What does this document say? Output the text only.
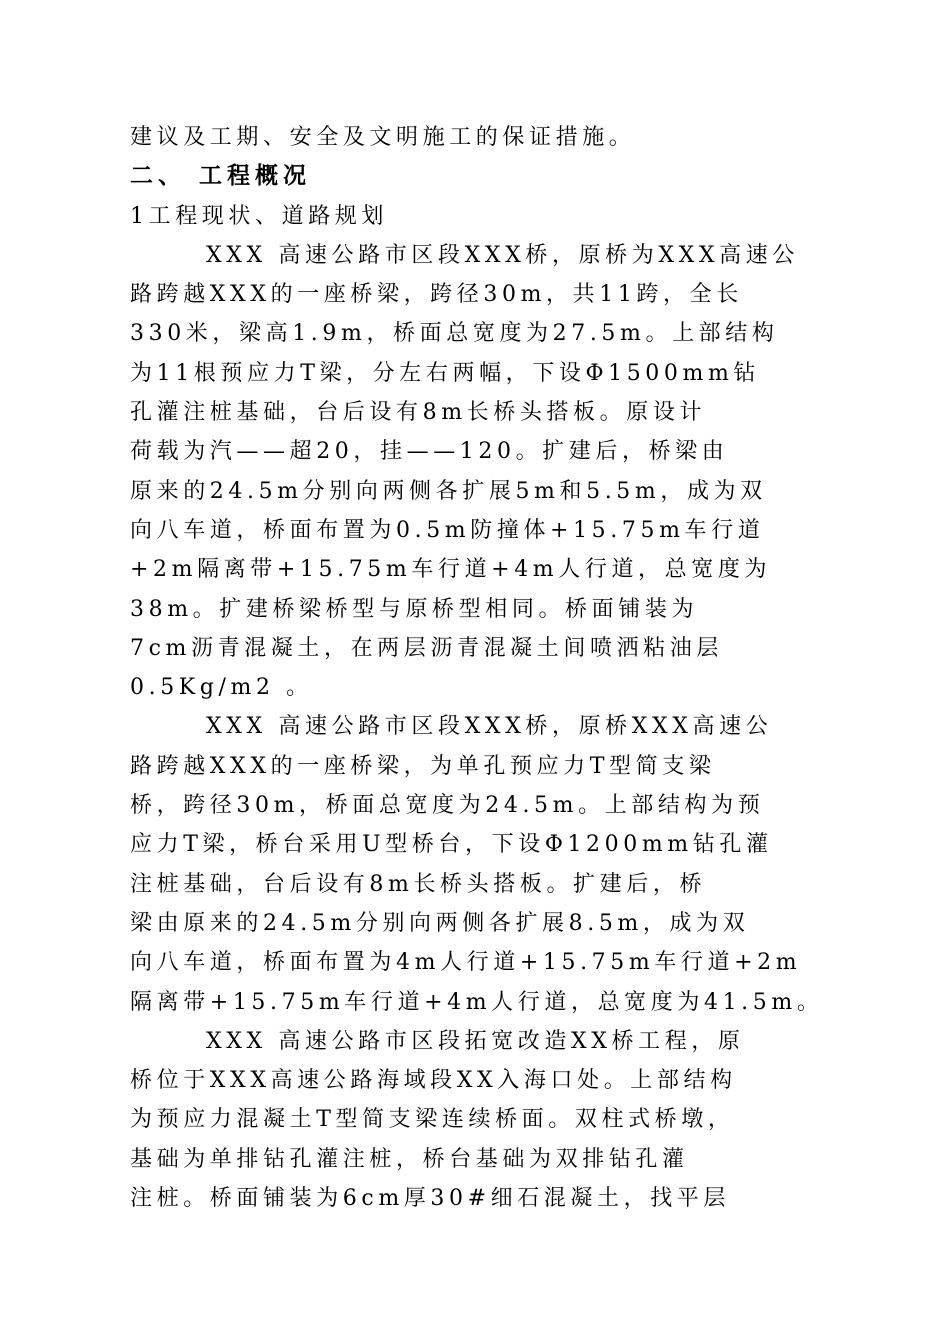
建议及工期、安全及文明施工的保证措施。
二、 工程概况
1工程现状、道路规划
XXX 高速公路市区段XXX桥，原桥为XXX高速公
路跨越XXX的一座桥梁，跨径30m，共11跨，全长
330米，梁高1.9m，桥面总宽度为27.5m。上部结构
为11根预应力T梁，分左右两幅，下设Φ1500mm钻
孔灌注桩基础，台后设有8m长桥头搭板。原设计
荷载为汽——超20，挂——120。扩建后，桥梁由
原来的24.5m分别向两侧各扩展5m和5.5m，成为双
向八车道，桥面布置为0.5m防撞体+15.75m车行道
+2m隔离带+15.75m车行道+4m人行道，总宽度为
38m。扩建桥梁桥型与原桥型相同。桥面铺装为
7cm沥青混凝土，在两层沥青混凝土间喷洒粘油层
0.5Kg/m2 。
XXX 高速公路市区段XXX桥，原桥XXX高速公
路跨越XXX的一座桥梁，为单孔预应力T型简支梁
桥，跨径30m，桥面总宽度为24.5m。上部结构为预
应力T梁，桥台采用U型桥台，下设Φ1200mm钻孔灌
注桩基础，台后设有8m长桥头搭板。扩建后，桥
梁由原来的24.5m分别向两侧各扩展8.5m，成为双
向八车道，桥面布置为4m人行道+15.75m车行道+2m
隔离带+15.75m车行道+4m人行道，总宽度为41.5m。
XXX 高速公路市区段拓宽改造XX桥工程，原
桥位于XXX高速公路海域段XX入海口处。上部结构
为预应力混凝土T型简支梁连续桥面。双柱式桥墩，
基础为单排钻孔灌注桩，桥台基础为双排钻孔灌
注桩。桥面铺装为6cm厚30#细石混凝土，找平层
